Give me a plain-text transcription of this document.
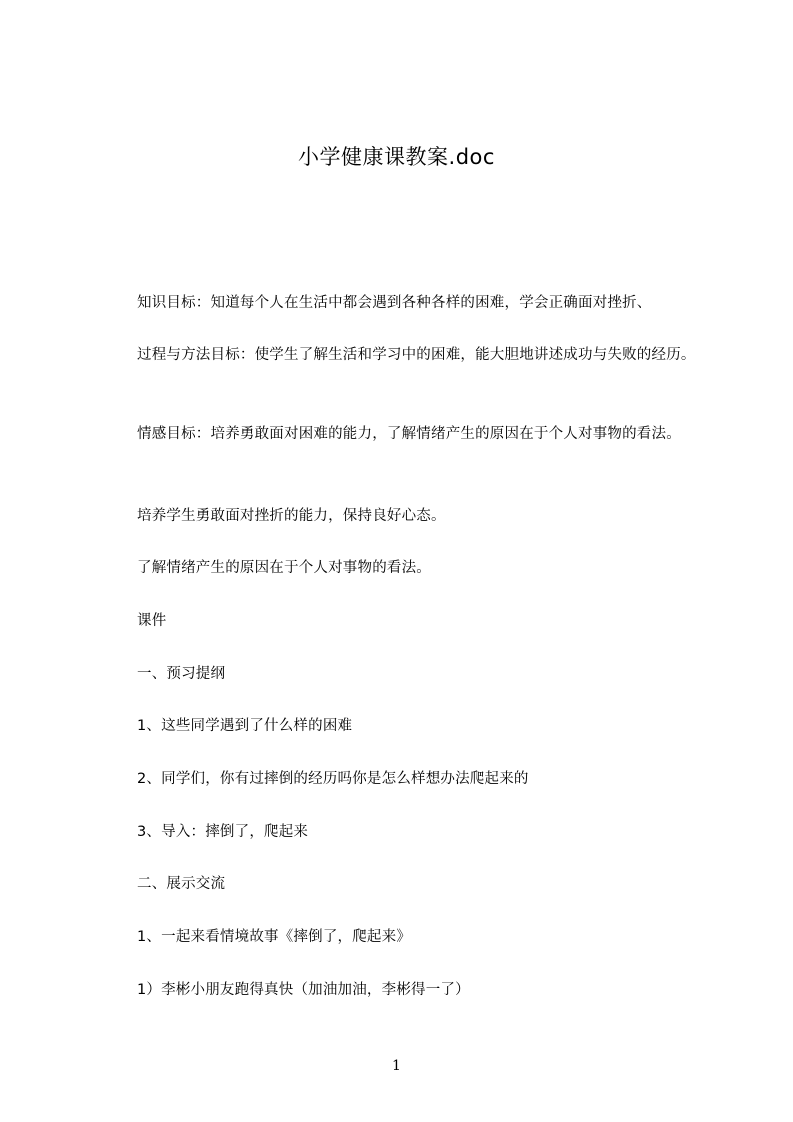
小学健康课教案.doc

知识目标：知道每个人在生活中都会遇到各种各样的困难，学会正确面对挫折、

过程与方法目标：使学生了解生活和学习中的困难，能大胆地讲述成功与失败的经历。

情感目标：培养勇敢面对困难的能力，了解情绪产生的原因在于个人对事物的看法。

培养学生勇敢面对挫折的能力，保持良好心态。

了解情绪产生的原因在于个人对事物的看法。

课件

一、预习提纲

1、这些同学遇到了什么样的困难

2、同学们，你有过摔倒的经历吗你是怎么样想办法爬起来的

3、导入：摔倒了，爬起来

二、展示交流

1、一起来看情境故事《摔倒了，爬起来》

1）李彬小朋友跑得真快（加油加油，李彬得一了）

1
